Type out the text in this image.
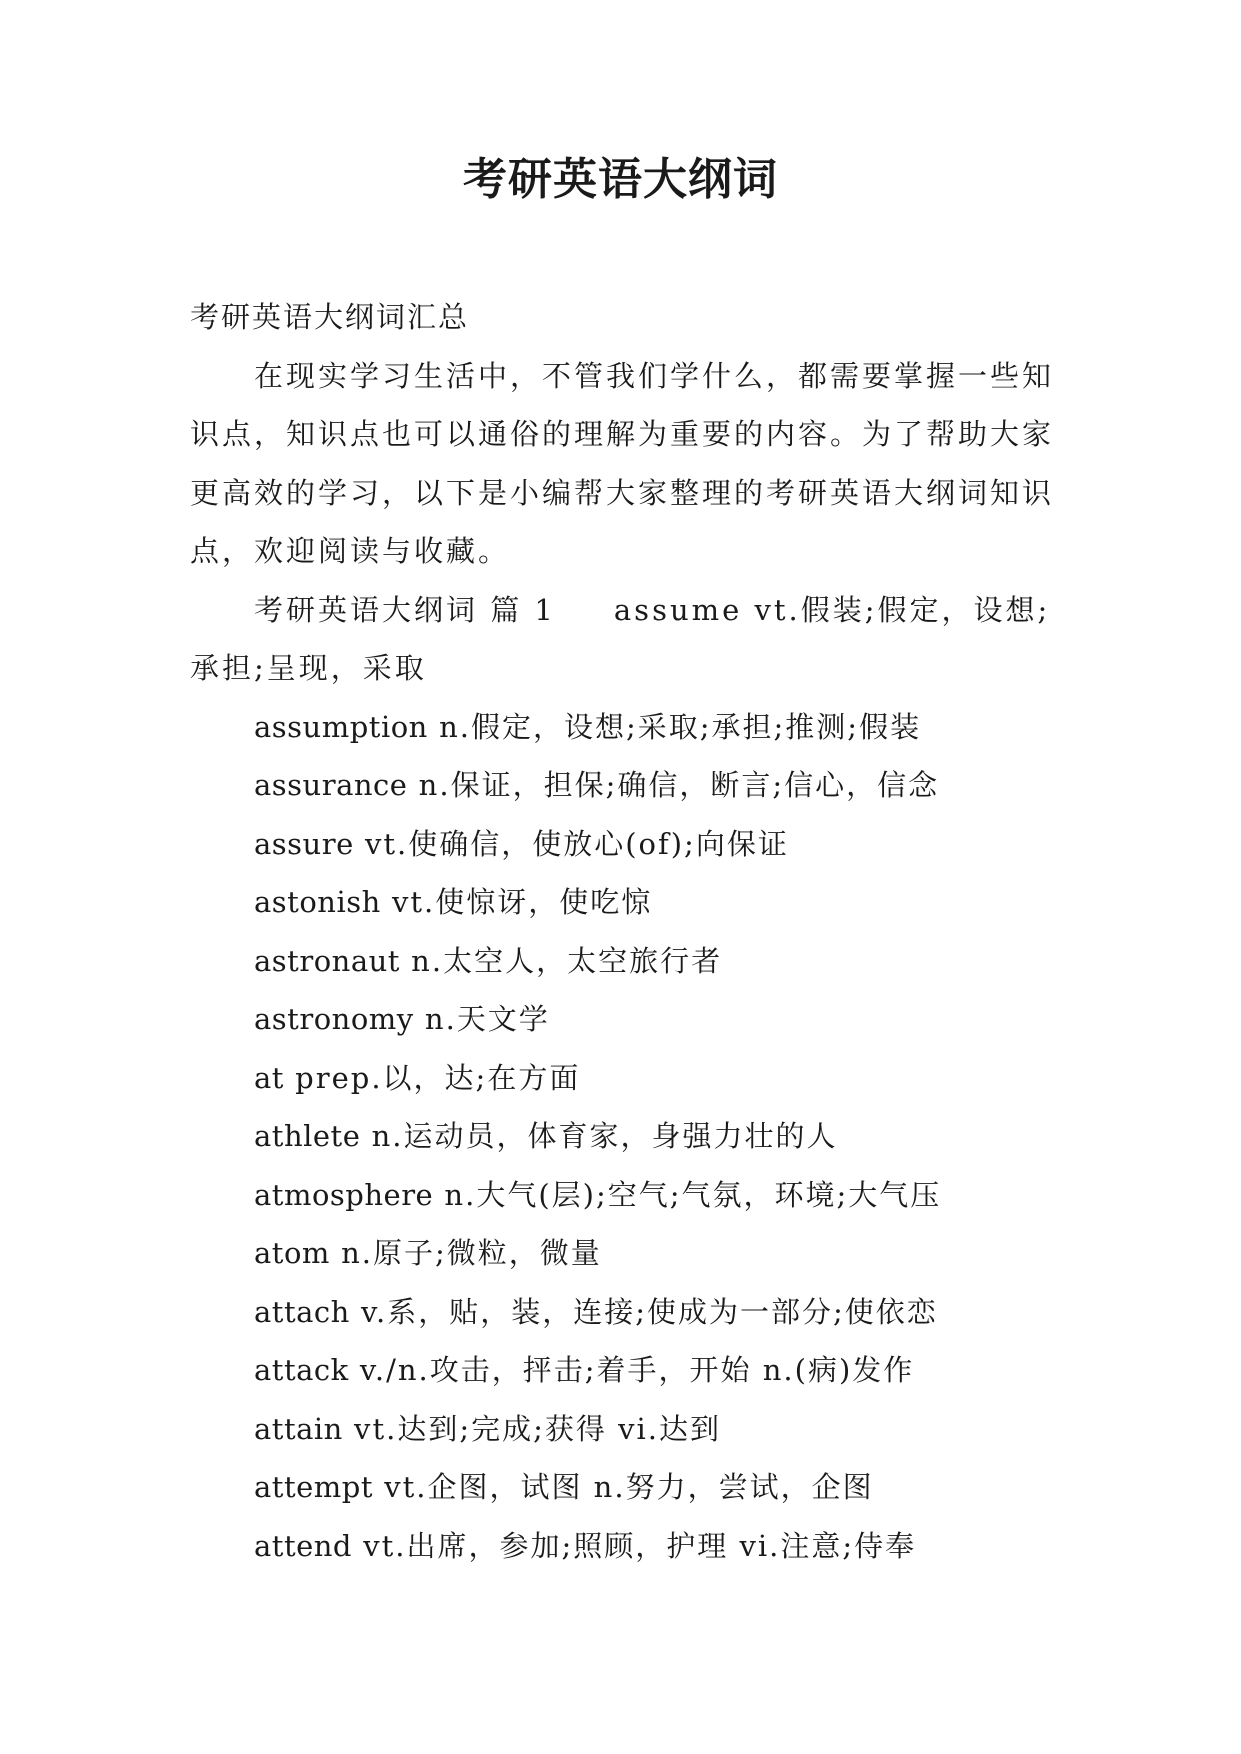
考研英语大纲词

考研英语大纲词汇总

在现实学习生活中，不管我们学什么，都需要掌握一些知识点，知识点也可以通俗的理解为重要的内容。为了帮助大家更高效的学习，以下是小编帮大家整理的考研英语大纲词知识点，欢迎阅读与收藏。

考研英语大纲词 篇 1 assume vt.假装;假定，设想;承担;呈现，采取

assumption n.假定，设想;采取;承担;推测;假装

assurance n.保证，担保;确信，断言;信心，信念

assure vt.使确信，使放心(of);向保证

astonish vt.使惊讶，使吃惊

astronaut n.太空人，太空旅行者

astronomy n.天文学

at prep.以，达;在方面

athlete n.运动员，体育家，身强力壮的人

atmosphere n.大气(层);空气;气氛，环境;大气压

atom n.原子;微粒，微量

attach v.系，贴，装，连接;使成为一部分;使依恋

attack v./n.攻击，抨击;着手，开始 n.(病)发作

attain vt.达到;完成;获得 vi.达到

attempt vt.企图，试图 n.努力，尝试，企图

attend vt.出席，参加;照顾，护理 vi.注意;侍奉
